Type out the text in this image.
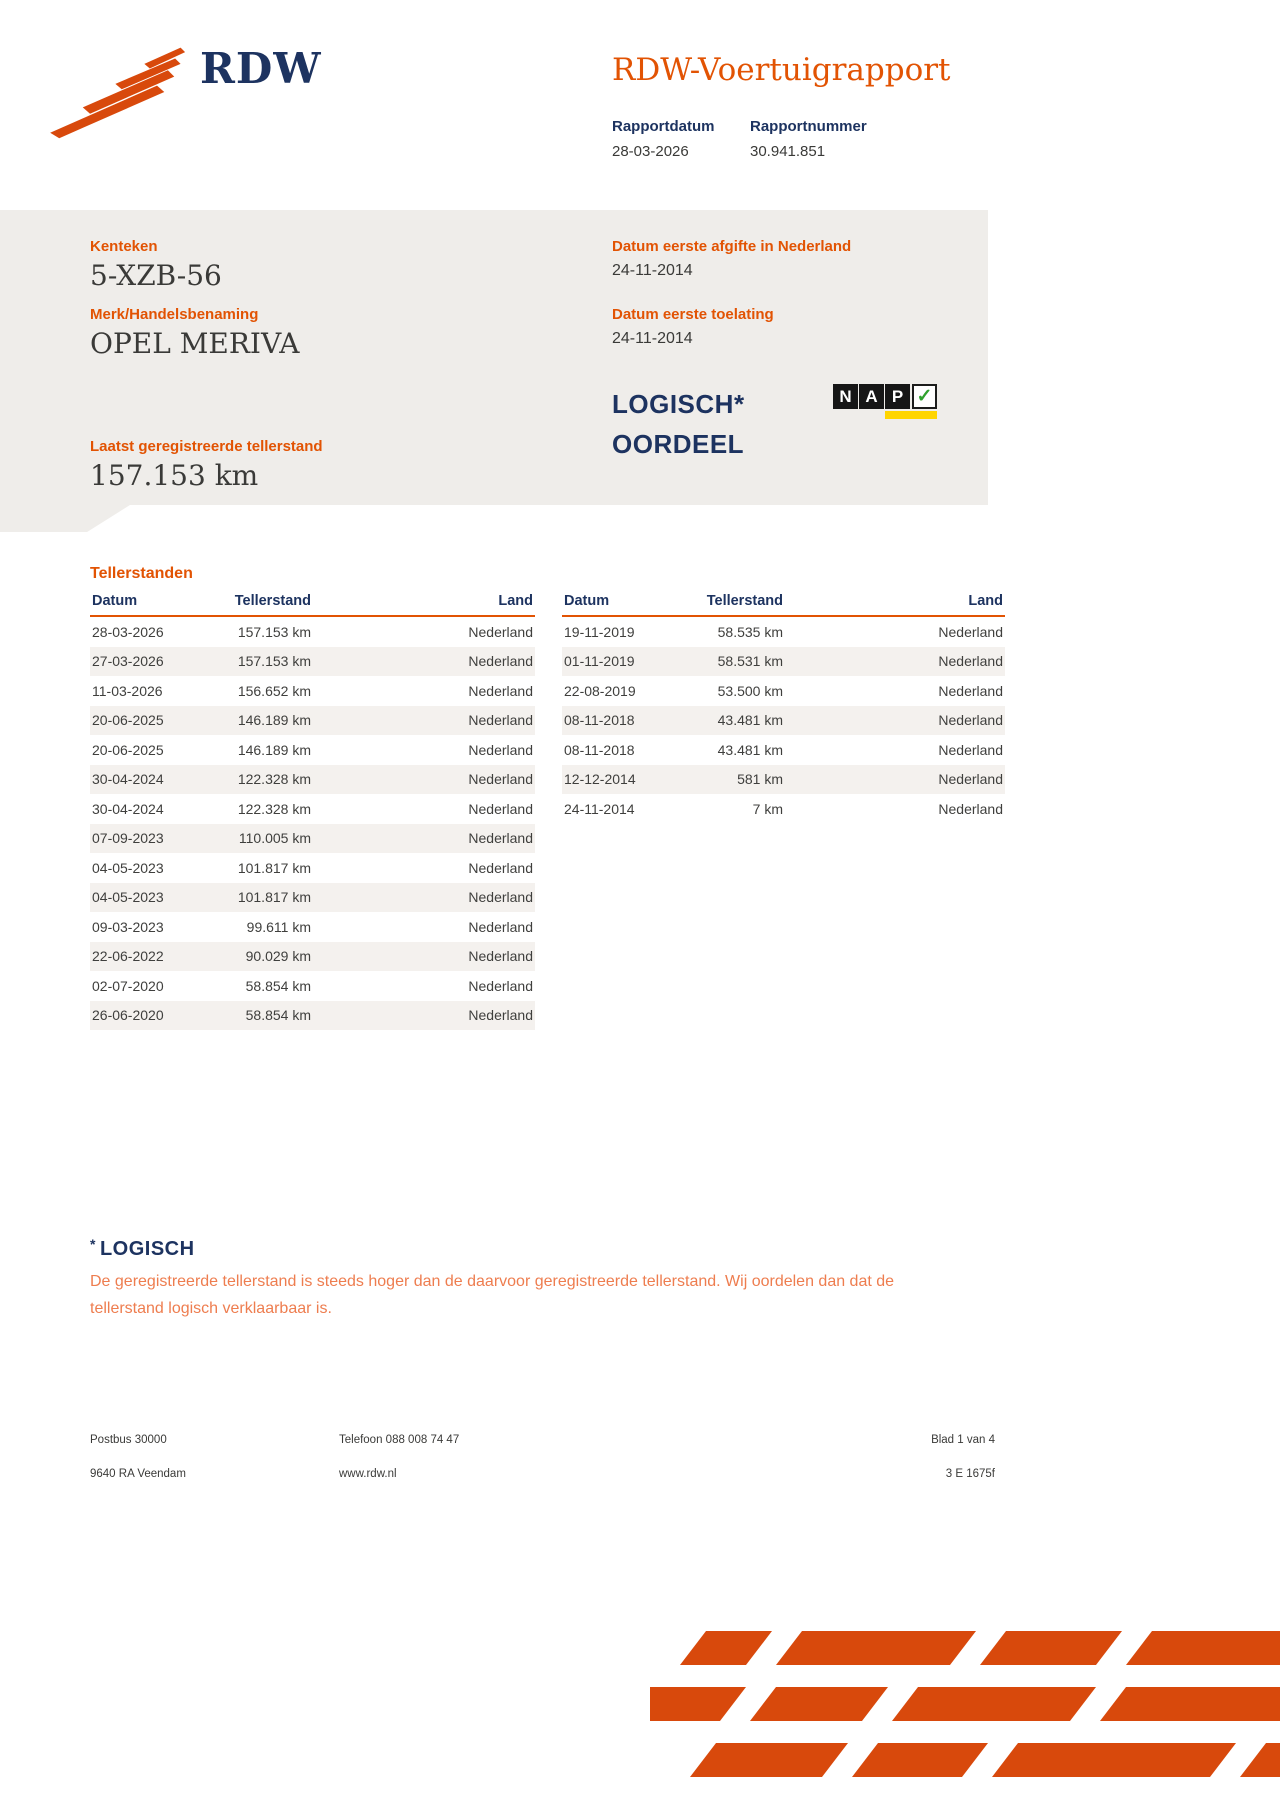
RDW	RDW-Voertuigrapport
Rapportdatum Rapportnummer
28-03-2026	30.941.851
Kenteken
5-XZB-56
Merk/Handelsbenaming
OPEL MERIVA
Laatst geregistreerde tellerstand
157.153 km
Datum eerste afgifte in Nederland
24-11-2014
Datum eerste toelating
24-11-2014
LOGISCH*
OORDEEL
N A P ✓
Tellerstanden
Datum	Tellerstand	Land
28-03-2026	157.153 km	Nederland
27-03-2026	157.153 km	Nederland
11-03-2026	156.652 km	Nederland
20-06-2025	146.189 km	Nederland
20-06-2025	146.189 km	Nederland
30-04-2024	122.328 km	Nederland
30-04-2024	122.328 km	Nederland
07-09-2023	110.005 km	Nederland
04-05-2023	101.817 km	Nederland
04-05-2023	101.817 km	Nederland
09-03-2023	99.611 km	Nederland
22-06-2022	90.029 km	Nederland
02-07-2020	58.854 km	Nederland
26-06-2020	58.854 km	Nederland
Datum	Tellerstand	Land
19-11-2019	58.535 km	Nederland
01-11-2019	58.531 km	Nederland
22-08-2019	53.500 km	Nederland
08-11-2018	43.481 km	Nederland
08-11-2018	43.481 km	Nederland
12-12-2014	581 km	Nederland
24-11-2014	7 km	Nederland
* LOGISCH
De geregistreerde tellerstand is steeds hoger dan de daarvoor geregistreerde tellerstand. Wij oordelen dan dat de tellerstand logisch verklaarbaar is.
Postbus 30000
9640 RA Veendam
Telefoon 088 008 74 47
www.rdw.nl
Blad 1 van 4
3 E 1675f
